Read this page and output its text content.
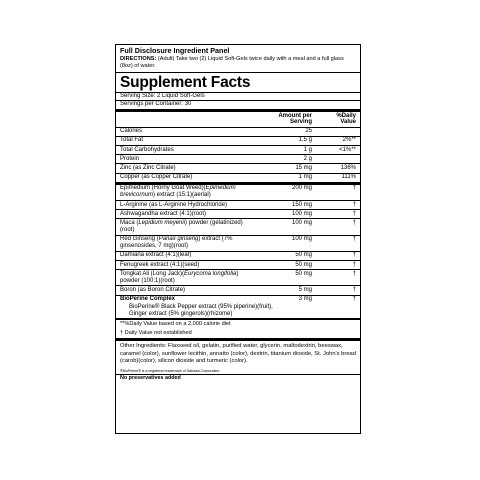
Full Disclosure Ingredient Panel
DIRECTIONS: (Adult) Take two (2) Liquid Soft-Gels twice daily with a meal and a full glass (8oz) of water.
Supplement Facts
Serving Size: 2 Liquid Soft-Gels
Servings per Container: 30
	Amount per Serving	%Daily Value
Calories	25	
Total Fat	1.5 g	2%**
Total Carbohydrates	1 g	<1%**
Protein	2 g	
Zinc (as Zinc Citrate)	15 mg	136%
Copper (as Copper Citrate)	1 mg	111%
Epimedium (Horny Goat Weed)(Epimedium brevicornum) extract (15:1)(aerial)	200 mg	†
L-Arginine (as L-Arginine Hydrochloride)	150 mg	†
Ashwagandha extract (4:1)(root)	100 mg	†
Maca (Lepidium meyenii) powder (gelatinized)(root)	100 mg	†
Red Ginseng (Panax ginseng) extract (7% ginsenosides, 7 mg)(root)	100 mg	†
Damiana extract (4:1)(leaf)	50 mg	†
Fenugreek extract (4:1)(seed)	50 mg	†
Tongkat Ali (Long Jack)(Eurycoma longifolia) powder (100:1)(root)	50 mg	†
Boron (as Boron Citrate)	5 mg	†
BioPerine Complex	3 mg	†

BioPerine® Black Pepper extract (95% piperine)(fruit),
Ginger extract (5% gingerols)(rhizome)		
**%Daily Value based on a 2,000 calorie diet
† Daily Value not established
Other Ingredients: Flaxseed oil, gelatin, purified water, glycerin, maltodextrin, beeswax, caramel (color), sunflower lecithin, annatto (color), dextrin, titanium dioxide, St. John's bread (carob)(color), silicon dioxide and turmeric (color).
®BioPerine® is a registered trademark of Sabinsa Corporation
No preservatives added
